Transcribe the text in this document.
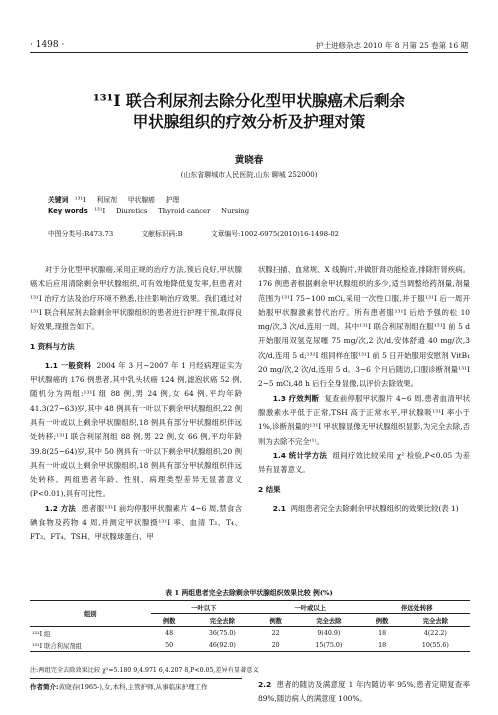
· 1498 ·	护士进修杂志 2010 年 8 月第 25 卷第 16 期
¹³¹I 联合利尿剂去除分化型甲状腺癌术后剩余
甲状腺组织的疗效分析及护理对策
黄晓春
(山东省聊城市人民医院,山东 聊城 252000)
关键词 ¹³¹I 利尿剂 甲状腺癌 护理
Key words ¹³¹I Diuretics Thyroid cancer Nursing
中图分类号:R473.73	文献标识码:B	文章编号:1002-6975(2010)16-1498-02

对于分化型甲状腺癌,采用正规的治疗方法,预后良好,甲状腺癌术后应用清除剩余甲状腺组织,可有效地降低复发率,但患者对¹³¹I 治疗方法及治疗环境不熟悉,往往影响治疗效果。我们通过对¹³¹I 联合利尿剂去除剩余甲状腺组织的患者进行护理干预,取得良好效果,现报告如下。

1 资料与方法

1.1 一般资料 2004 年 3 月~2007 年 1 月经病理证实为甲状腺癌的 176 例患者,其中乳头状癌 124 例,滤泡状癌 52 例,随机分为两组:¹³¹I 组 88 例,男 24 例,女 64 例,平均年龄 41.3(27~63)岁,其中 48 例具有一叶以下剩余甲状腺组织,22 例具有一叶或以上剩余甲状腺组织,18 例具有部分甲状腺组织伴远处转移;¹³¹I 联合利尿剂组 88 例,男 22 例,女 66 例,平均年龄 39.8(25~64)岁,其中 50 例具有一叶以下剩余甲状腺组织,20 例具有一叶或以上剩余甲状腺组织,18 例具有部分甲状腺组织伴远处转移。两组患者年龄、性别、病理类型差异无显著意义(P<0.01),具有可比性。

1.2 方法 患者服¹³¹I 前均停服甲状腺素片 4~6 周,禁食含碘食物及药物 4 周,并测定甲状腺摄¹³¹I 率、血清 T₃、T₄、FT₃、FT₄、TSH、甲状腺球蛋白、甲

状腺扫描、血常规、X 线胸片,并做肝肾功能检查,排除肝肾疾病。176 例患者根据剩余甲状腺组织的多少,适当调整给药剂量,剂量范围为¹³¹I 75~100 mCi,采用一次性口服,并于服¹³¹I 后一周开始服甲状腺激素替代治疗。所有患者服¹³¹I 后给予强的松 10 mg/次,3 次/d,连用一周。其中¹³¹I 联合利尿剂组在服¹³¹I 前 5 d 开始服用双氢克尿噻 75 mg/次,2 次/d,安体舒通 40 mg/次,3 次/d,连用 5 d;¹³¹I 组同样在服¹³¹I 前 5 日开始服用安慰剂 VitB₁ 20 mg/次,2 次/d,连用 5 d。3~6 个月后随访,口服诊断剂量¹³¹I 2~5 mCi,48 h 后行全身显像,以评价去除效果。

1.3 疗效判断 复查前停服甲状腺片 4~6 周,患者血清甲状腺激素水平低于正常,TSH 高于正常水平,甲状腺吸¹³¹I 率小于 1%,诊断剂量的¹³¹I 甲状腺显像无甲状腺组织显影,为完全去除,否则为去除不完全⁽¹⁾。

1.4 统计学方法 组间疗效比较采用 χ² 检验,P<0.05 为差异有显著意义。

2 结果

2.1 两组患者完全去除剩余甲状腺组织的效果比较(表 1)

表 1 两组患者完全去除剩余甲状腺组织效果比较 例(%)
组别	一叶以下		一叶或以上		伴远处转移	
	例数	完全去除	例数	完全去除	例数	完全去除
¹³¹I 组	48	36(75.0)	22	9(40.9)	18	4(22.2)
¹³¹I 联合利尿剂组	50	46(92.0)	20	15(75.0)	18	10(55.6)
注:两组完全去除效果比较 χ²=5.180 9,4.971 6,4.207 8,P<0.05,差异有显著意义
作者简介:黄晓春(1965-),女,本科,主管护师,从事临床护理工作	2.2 患者的随访及满意度 1 年内随访率 95%,患者定期复查率 89%,随访病人的满意度 100%。
